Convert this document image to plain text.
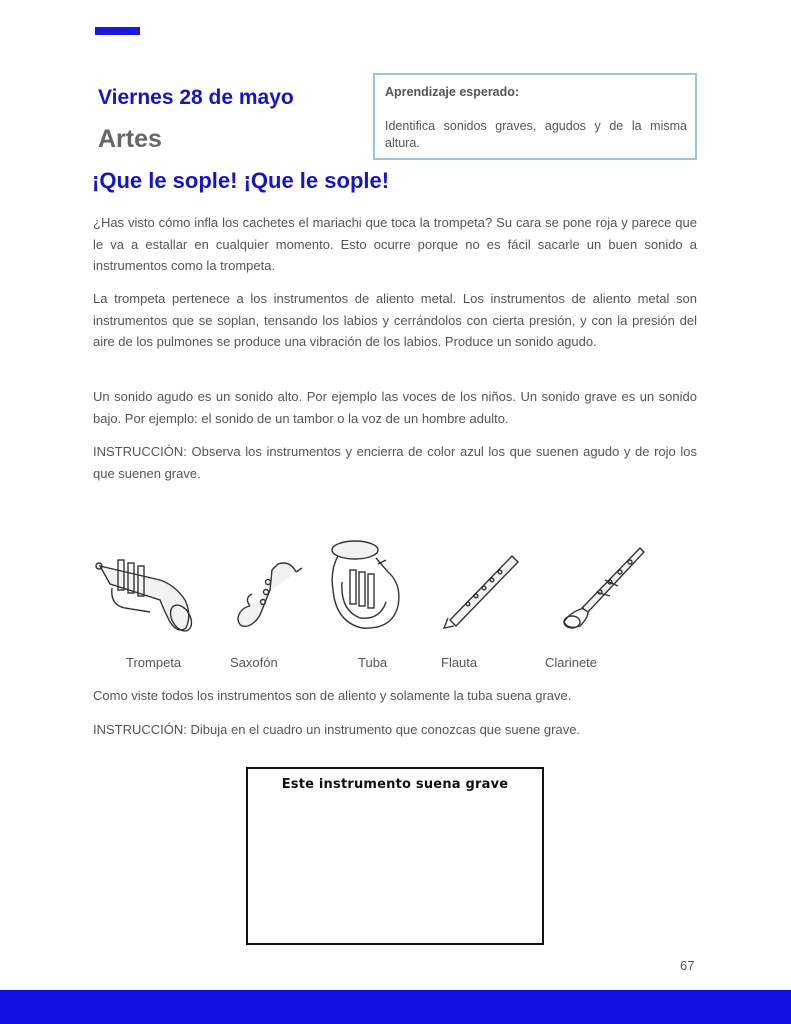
Viernes 28 de mayo
Artes
¡Que le sople! ¡Que le sople!
Aprendizaje esperado:
Identifica sonidos graves, agudos y de la misma altura.

¿Has visto cómo infla los cachetes el mariachi que toca la trompeta? Su cara se pone roja y parece que le va a estallar en cualquier momento. Esto ocurre porque no es fácil sacarle un buen sonido a instrumentos como la trompeta.

La trompeta pertenece a los instrumentos de aliento metal. Los instrumentos de aliento metal son instrumentos que se soplan, tensando los labios y cerrándolos con cierta presión, y con la presión del aire de los pulmones se produce una vibración de los labios. Produce un sonido agudo.

Un sonido agudo es un sonido alto. Por ejemplo las voces de los niños. Un sonido grave es un sonido bajo. Por ejemplo: el sonido de un tambor o la voz de un hombre adulto.

INSTRUCCIÓN: Observa los instrumentos y encierra de color azul los que suenen agudo y de rojo los que suenen grave.

Trompeta	Saxofón	Tuba	Flauta	Clarinete

Como viste todos los instrumentos son de aliento y solamente la tuba suena grave.

INSTRUCCIÓN: Dibuja en el cuadro un instrumento que conozcas que suene grave.

Este instrumento suena grave
67
